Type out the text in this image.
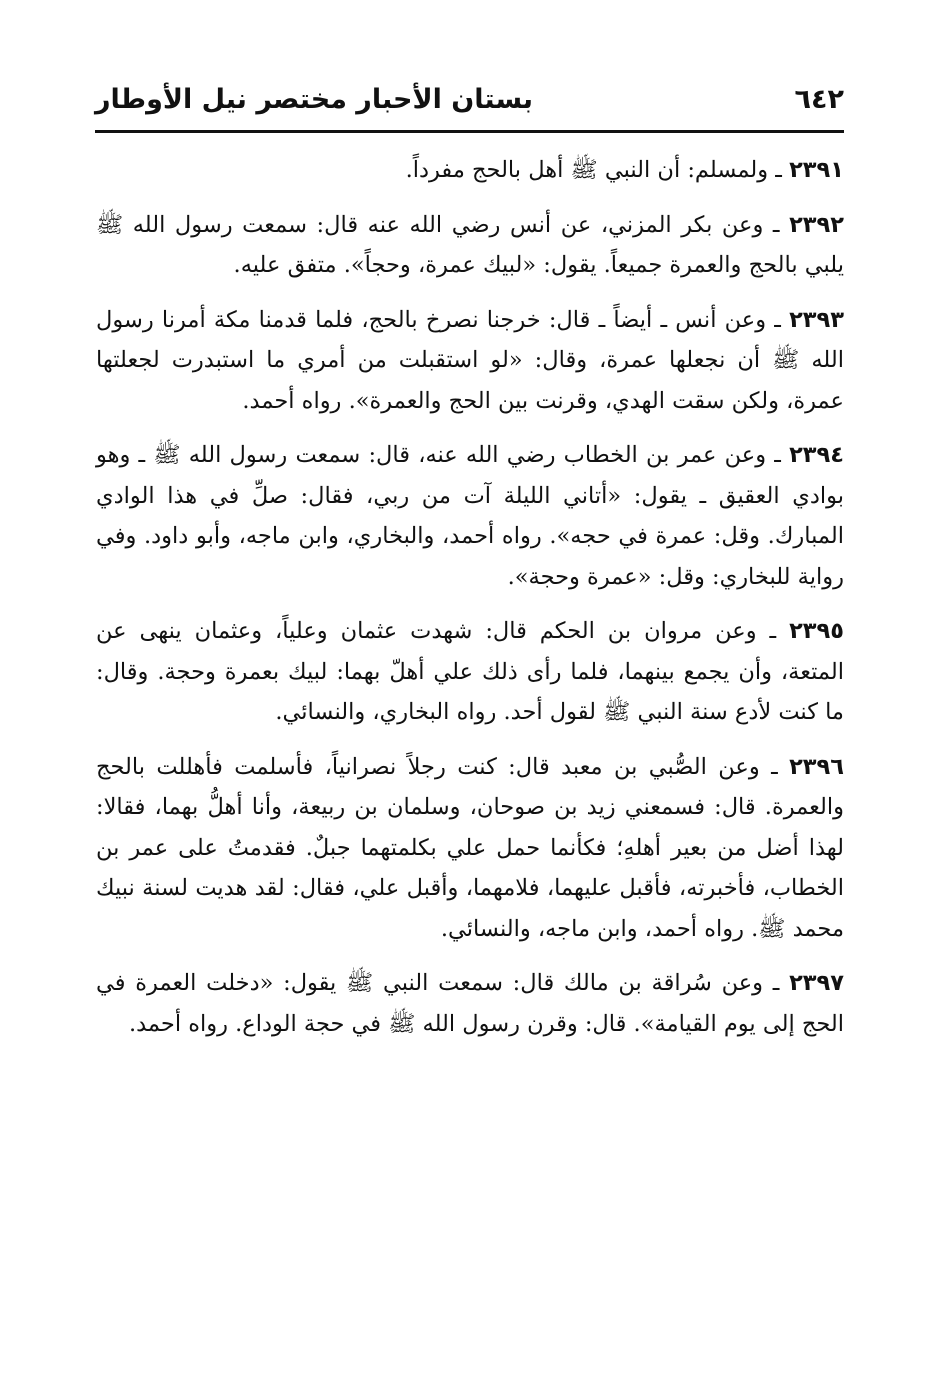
بستان الأحبار مختصر نيل الأوطار	٦٤٢

٢٣٩١ ـ ولمسلم: أن النبي ﷺ أهل بالحج مفرداً.

٢٣٩٢ ـ وعن بكر المزني، عن أنس رضي الله عنه قال: سمعت رسول الله ﷺ يلبي بالحج والعمرة جميعاً. يقول: «لبيك عمرة، وحجاً». متفق عليه.

٢٣٩٣ ـ وعن أنس ـ أيضاً ـ قال: خرجنا نصرخ بالحج، فلما قدمنا مكة أمرنا رسول الله ﷺ أن نجعلها عمرة، وقال: «لو استقبلت من أمري ما استبدرت لجعلتها عمرة، ولكن سقت الهدي، وقرنت بين الحج والعمرة». رواه أحمد.

٢٣٩٤ ـ وعن عمر بن الخطاب رضي الله عنه، قال: سمعت رسول الله ﷺ ـ وهو بوادي العقيق ـ يقول: «أتاني الليلة آت من ربي، فقال: صلِّ في هذا الوادي المبارك. وقل: عمرة في حجه». رواه أحمد، والبخاري، وابن ماجه، وأبو داود. وفي رواية للبخاري: وقل: «عمرة وحجة».

٢٣٩٥ ـ وعن مروان بن الحكم قال: شهدت عثمان وعلياً، وعثمان ينهى عن المتعة، وأن يجمع بينهما، فلما رأى ذلك علي أهلّ بهما: لبيك بعمرة وحجة. وقال: ما كنت لأدع سنة النبي ﷺ لقول أحد. رواه البخاري، والنسائي.

٢٣٩٦ ـ وعن الصُّبي بن معبد قال: كنت رجلاً نصرانياً، فأسلمت فأهللت بالحج والعمرة. قال: فسمعني زيد بن صوحان، وسلمان بن ربيعة، وأنا أهلُّ بهما، فقالا: لهذا أضل من بعير أهلهِ؛ فكأنما حمل علي بكلمتهما جبلٌ. فقدمتُ على عمر بن الخطاب، فأخبرته، فأقبل عليهما، فلامهما، وأقبل علي، فقال: لقد هديت لسنة نبيك محمد ﷺ. رواه أحمد، وابن ماجه، والنسائي.

٢٣٩٧ ـ وعن سُراقة بن مالك قال: سمعت النبي ﷺ يقول: «دخلت العمرة في الحج إلى يوم القيامة». قال: وقرن رسول الله ﷺ في حجة الوداع. رواه أحمد.
